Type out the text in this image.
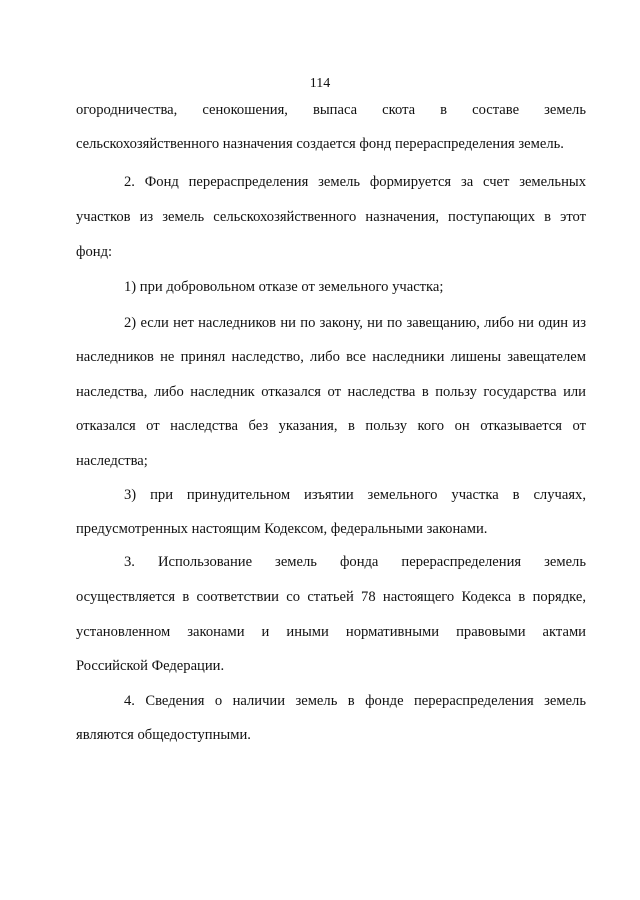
114
огородничества, сенокошения, выпаса скота в составе земель
сельскохозяйственного назначения создается фонд перераспределения земель.
2. Фонд перераспределения земель формируется за счет земельных
участков из земель сельскохозяйственного назначения, поступающих в этот
фонд:
1) при добровольном отказе от земельного участка;
2) если нет наследников ни по закону, ни по завещанию, либо ни один из
наследников не принял наследство, либо все наследники лишены завещателем
наследства, либо наследник отказался от наследства в пользу государства или
отказался от наследства без указания, в пользу кого он отказывается от
наследства;
3) при принудительном изъятии земельного участка в случаях,
предусмотренных настоящим Кодексом, федеральными законами.
3. Использование земель фонда перераспределения земель
осуществляется в соответствии со статьей 78 настоящего Кодекса в порядке,
установленном законами и иными нормативными правовыми актами
Российской Федерации.
4. Сведения о наличии земель в фонде перераспределения земель
являются общедоступными.
